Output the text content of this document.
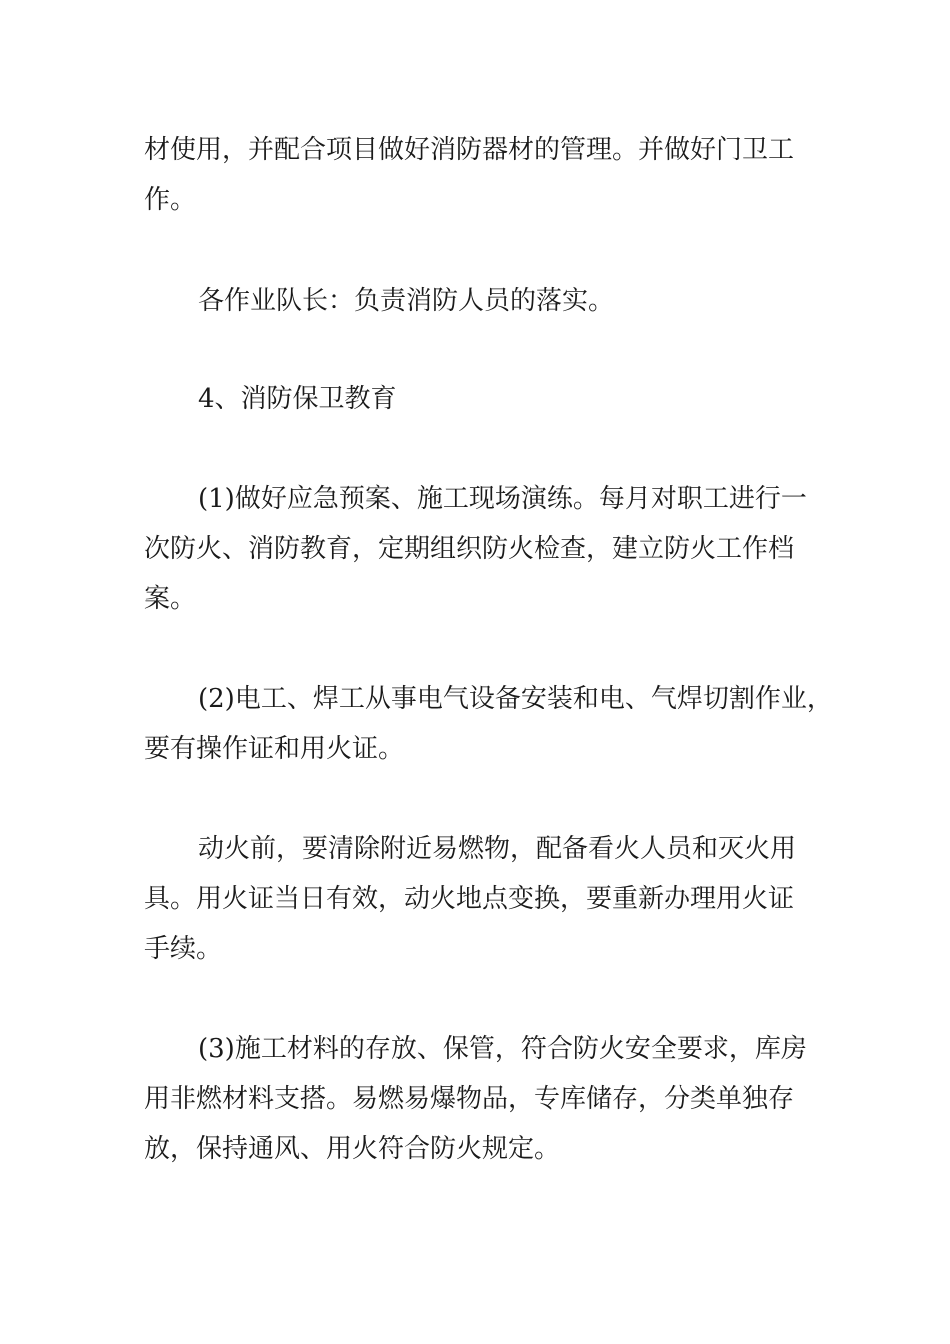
材使用，并配合项目做好消防器材的管理。并做好门卫工
作。

各作业队长：负责消防人员的落实。

4、消防保卫教育

(1)做好应急预案、施工现场演练。每月对职工进行一
次防火、消防教育，定期组织防火检查，建立防火工作档
案。

(2)电工、焊工从事电气设备安装和电、气焊切割作业，
要有操作证和用火证。

动火前，要清除附近易燃物，配备看火人员和灭火用
具。用火证当日有效，动火地点变换，要重新办理用火证
手续。

(3)施工材料的存放、保管，符合防火安全要求，库房
用非燃材料支搭。易燃易爆物品，专库储存，分类单独存
放，保持通风、用火符合防火规定。
